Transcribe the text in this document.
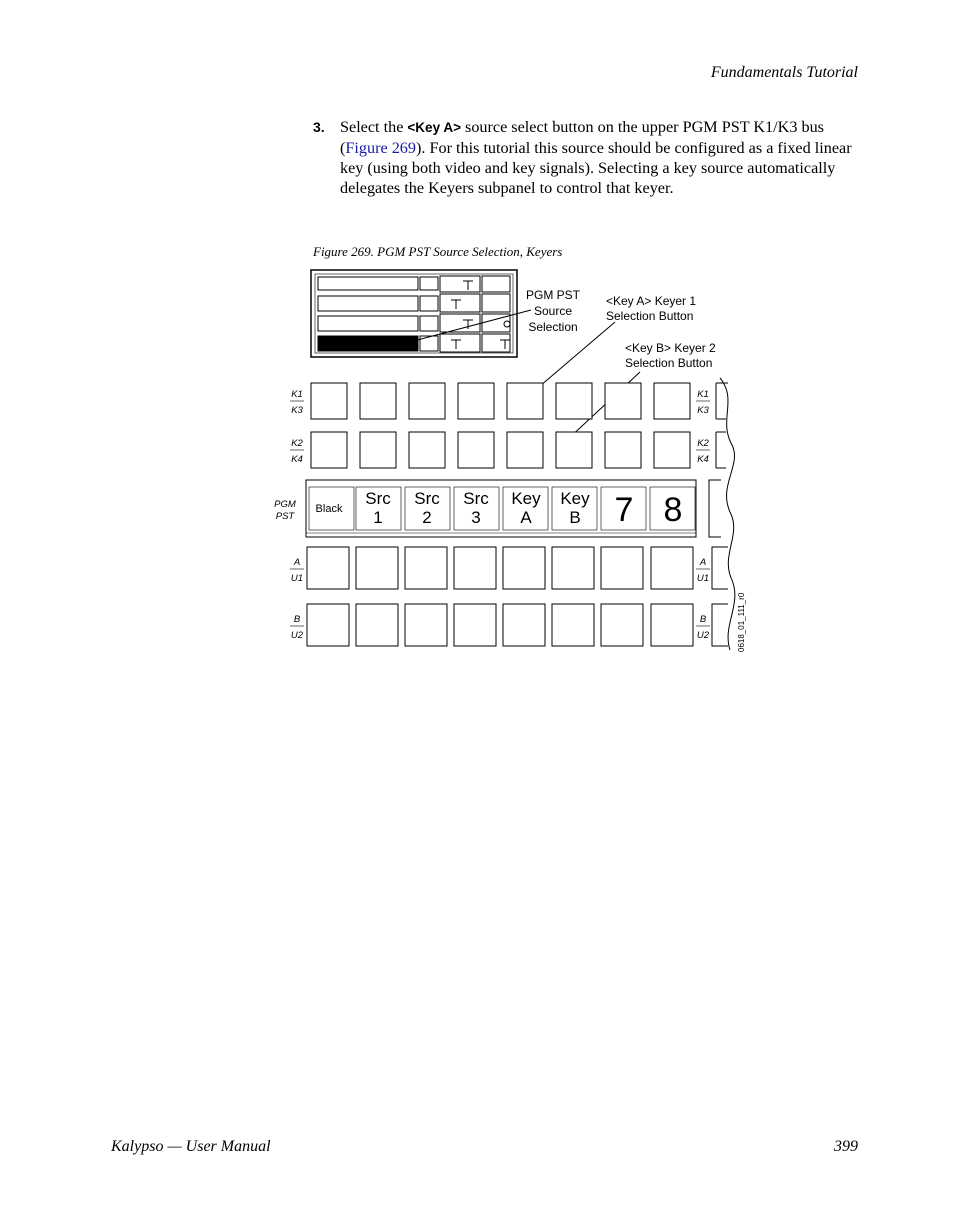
Fundamentals Tutorial
3. Select the <Key A> source select button on the upper PGM PST K1/K3 bus (Figure 269). For this tutorial this source should be configured as a fixed linear key (using both video and key signals). Selecting a key source automatically delegates the Keyers subpanel to control that keyer.
Figure 269. PGM PST Source Selection, Keyers
PGM PST
Source
Selection
<Key A> Keyer 1
Selection Button
<Key B> Keyer 2
Selection Button
K1
K3
K2
K4
PGM
PST
A
U1
B
U2
K1
K3
K2
K4
A
U1
B
U2
Black
Src
1
Src
2
Src
3
Key
A
Key
B 7 8
0618_01_111_r0
Kalypso — User Manual	399
